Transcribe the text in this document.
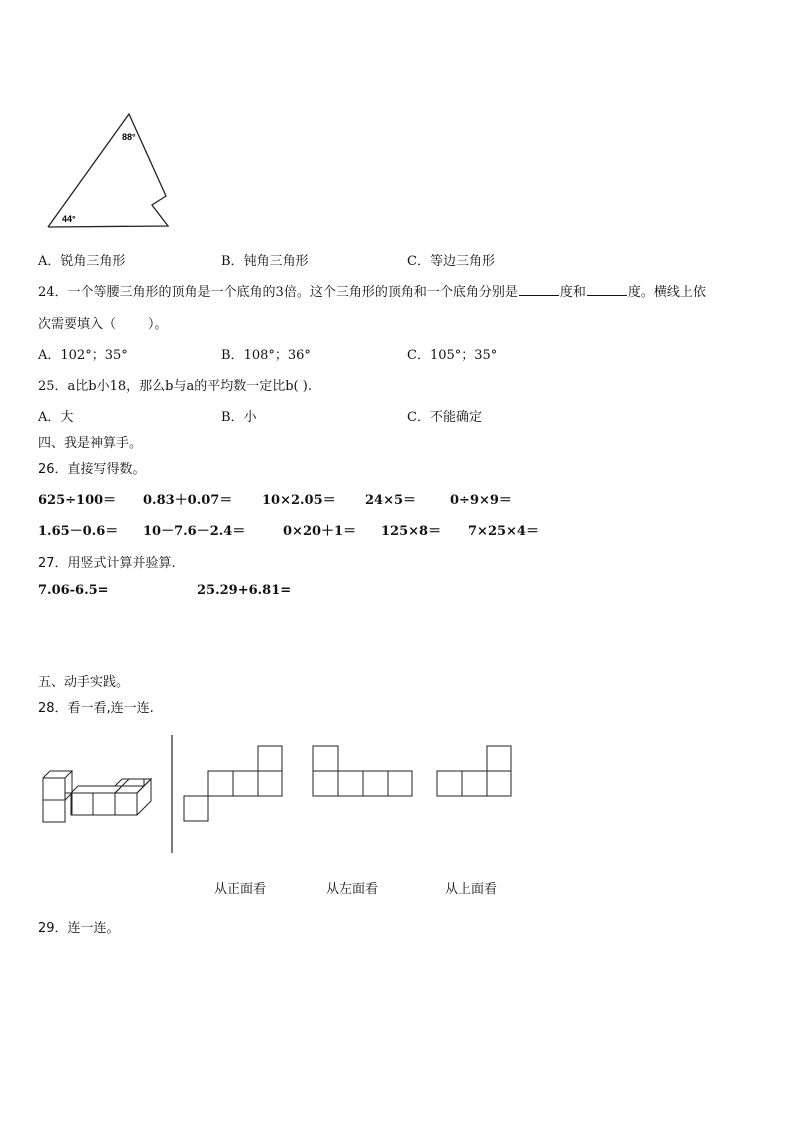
88°
44°
A．锐角三角形	B．钝角三角形	C．等边三角形
24．一个等腰三角形的顶角是一个底角的3倍。这个三角形的顶角和一个底角分别是	度和	度。横线上依
次需要填入（ ）。
A．102°；35°	B．108°；36°	C．105°；35°
25．a比b小18，那么b与a的平均数一定比b( ).
A．大	B．小	C．不能确定
四、我是神算手。
26．直接写得数。
625÷100＝ 0.83＋0.07＝ 10×2.05＝ 24×5＝	0÷9×9＝
1.65－0.6＝ 10－7.6－2.4＝	0×20＋1＝ 125×8＝ 7×25×4＝
27．用竖式计算并验算.
7.06-6.5=	25.29+6.81=
五、动手实践。
28．看一看,连一连.
从正面看	从左面看	从上面看
29．连一连。
